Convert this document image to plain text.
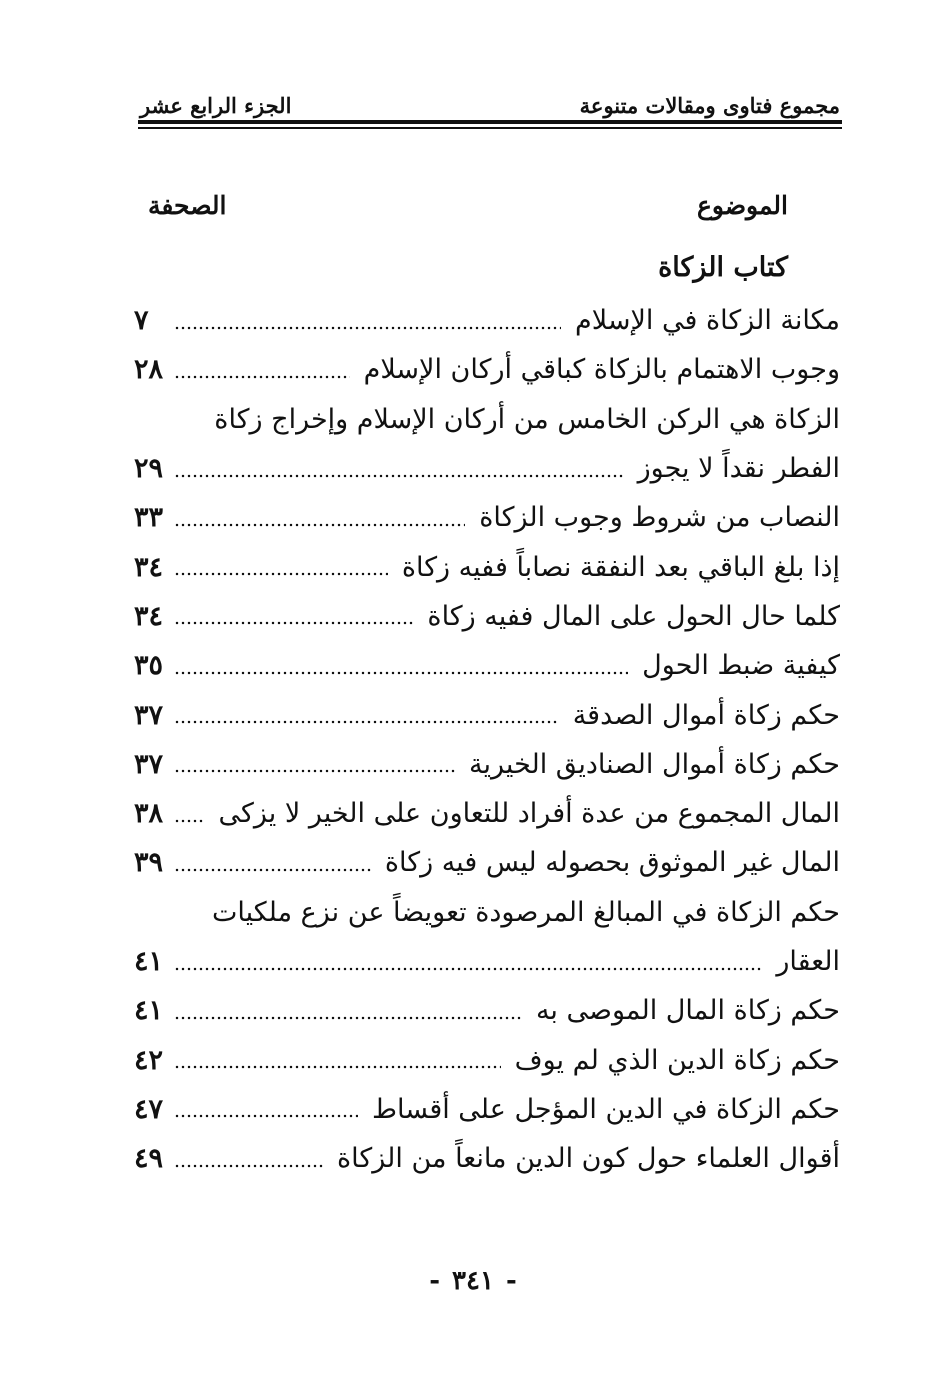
مجموع فتاوى ومقالات متنوعة
الجزء الرابع عشر
الموضوع
الصحفة
كتاب الزكاة
مكانة الزكاة في الإسلام
٧
وجوب الاهتمام بالزكاة كباقي أركان الإسلام
٢٨
الزكاة هي الركن الخامس من أركان الإسلام وإخراج زكاة
الفطر نقداً لا يجوز
٢٩
النصاب من شروط وجوب الزكاة
٣٣
إذا بلغ الباقي بعد النفقة نصاباً ففيه زكاة
٣٤
كلما حال الحول على المال ففيه زكاة
٣٤
كيفية ضبط الحول
٣٥
حكم زكاة أموال الصدقة
٣٧
حكم زكاة أموال الصناديق الخيرية
٣٧
المال المجموع من عدة أفراد للتعاون على الخير لا يزكى
٣٨
المال غير الموثوق بحصوله ليس فيه زكاة
٣٩
حكم الزكاة في المبالغ المرصودة تعويضاً عن نزع ملكيات
العقار
٤١
حكم زكاة المال الموصى به
٤١
حكم زكاة الدين الذي لم يوف
٤٢
حكم الزكاة في الدين المؤجل على أقساط
٤٧
أقوال العلماء حول كون الدين مانعاً من الزكاة
٤٩
-٣٤١-
